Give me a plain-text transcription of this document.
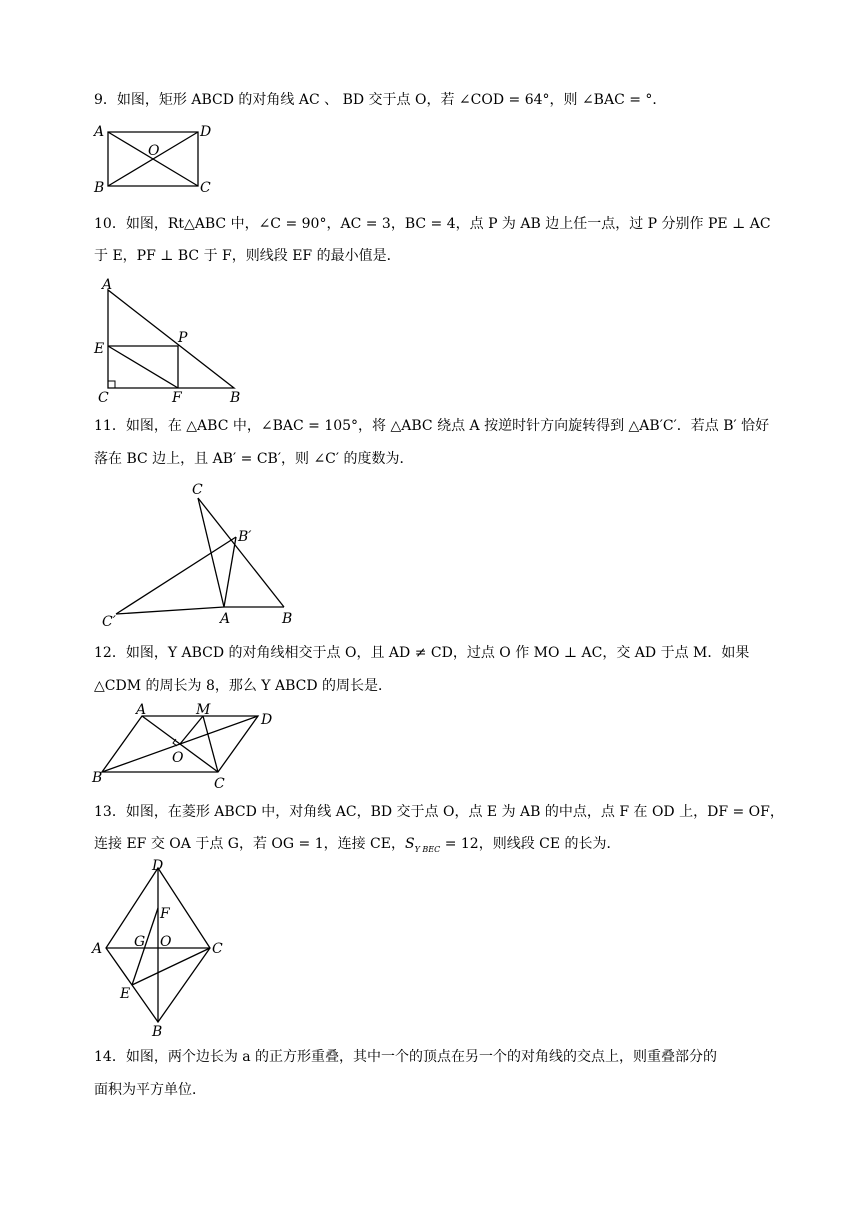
9．如图，矩形 ABCD 的对角线 AC 、 BD 交于点 O，若 ∠COD = 64°，则 ∠BAC = °．
A	D
O
B	C
10．如图，Rt△ABC 中，∠C = 90°，AC = 3，BC = 4，点 P 为 AB 边上任一点，过 P 分别作 PE ⊥ AC
于 E，PF ⊥ BC 于 F，则线段 EF 的最小值是．
A
P
E
C	F	B
11．如图，在 △ABC 中，∠BAC = 105°，将 △ABC 绕点 A 按逆时针方向旋转得到 △AB′C′．若点 B′ 恰好
落在 BC 边上，且 AB′ = CB′，则 ∠C′ 的度数为．
C
B′
C′	A	B
12．如图，Y ABCD 的对角线相交于点 O，且 AD ≠ CD，过点 O 作 MO ⊥ AC，交 AD 于点 M．如果
△CDM 的周长为 8，那么 Y ABCD 的周长是．
A	M
D
O
B	C
13．如图，在菱形 ABCD 中，对角线 AC，BD 交于点 O，点 E 为 AB 的中点，点 F 在 OD 上，DF = OF，
连接 EF 交 OA 于点 G，若 OG = 1，连接 CE，$S_{Y BEC} = 12$，则线段 CE 的长为．
D
F
A G O	C
E
B
14．如图，两个边长为 a 的正方形重叠，其中一个的顶点在另一个的对角线的交点上，则重叠部分的
面积为平方单位．
